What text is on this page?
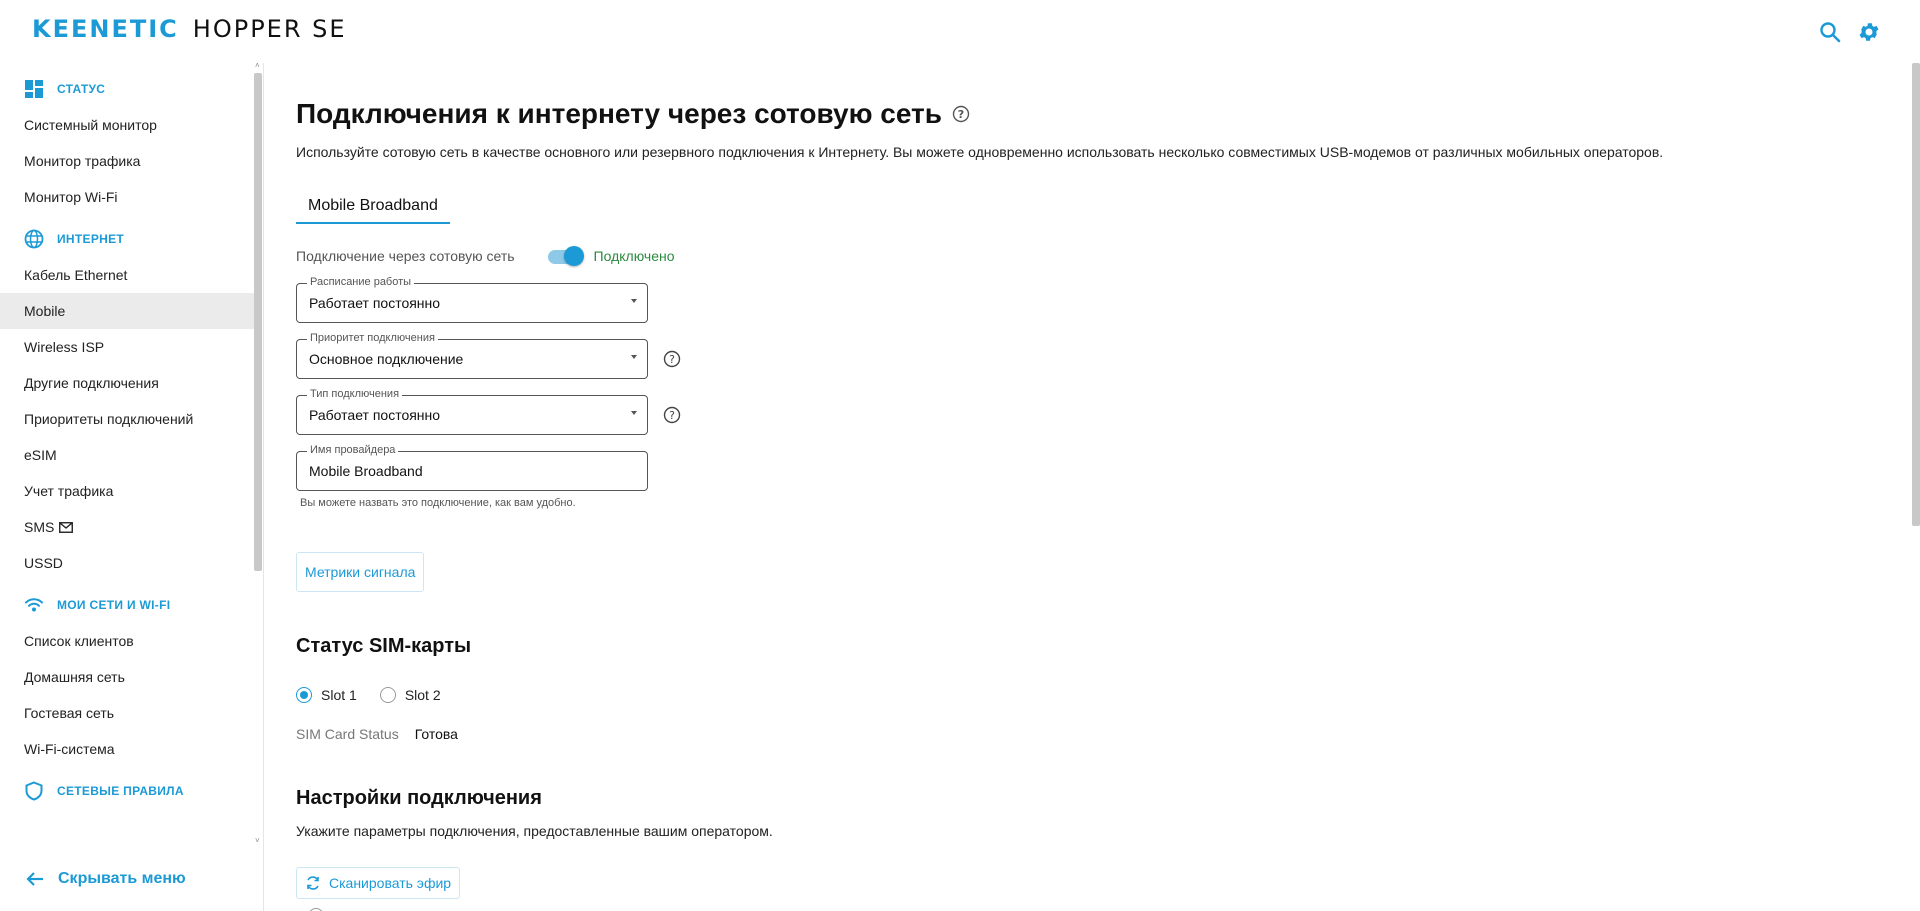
KEENETIC HOPPER SE
СТАТУС
Системный монитор
Монитор трафика
Монитор Wi-Fi
ИНТЕРНЕТ
Кабель Ethernet
Mobile
Wireless ISP
Другие подключения
Приоритеты подключений
eSIM
Учет трафика
SMS
USSD
МОИ СЕТИ И WI-FI
Список клиентов
Домашняя сеть
Гостевая сеть
Wi-Fi-система
СЕТЕВЫЕ ПРАВИЛА
˄
˅
Скрывать меню
Подключения к интернету через сотовую сеть ?
Используйте сотовую сеть в качестве основного или резервного подключения к Интернету. Вы можете одновременно использовать несколько совместимых USB-модемов от различных мобильных операторов.
Mobile Broadband
Подключение через сотовую сеть	Подключено
Расписание работы
Работает постоянно
Приоритет подключения
Основное подключение	?
Тип подключения
Работает постоянно	?
Имя провайдера
Mobile Broadband
Вы можете назвать это подключение, как вам удобно.
Метрики сигнала
Статус SIM-карты
Slot 1	Slot 2
SIM Card Status Готова
Настройки подключения
Укажите параметры подключения, предоставленные вашим оператором.
Сканировать эфир
